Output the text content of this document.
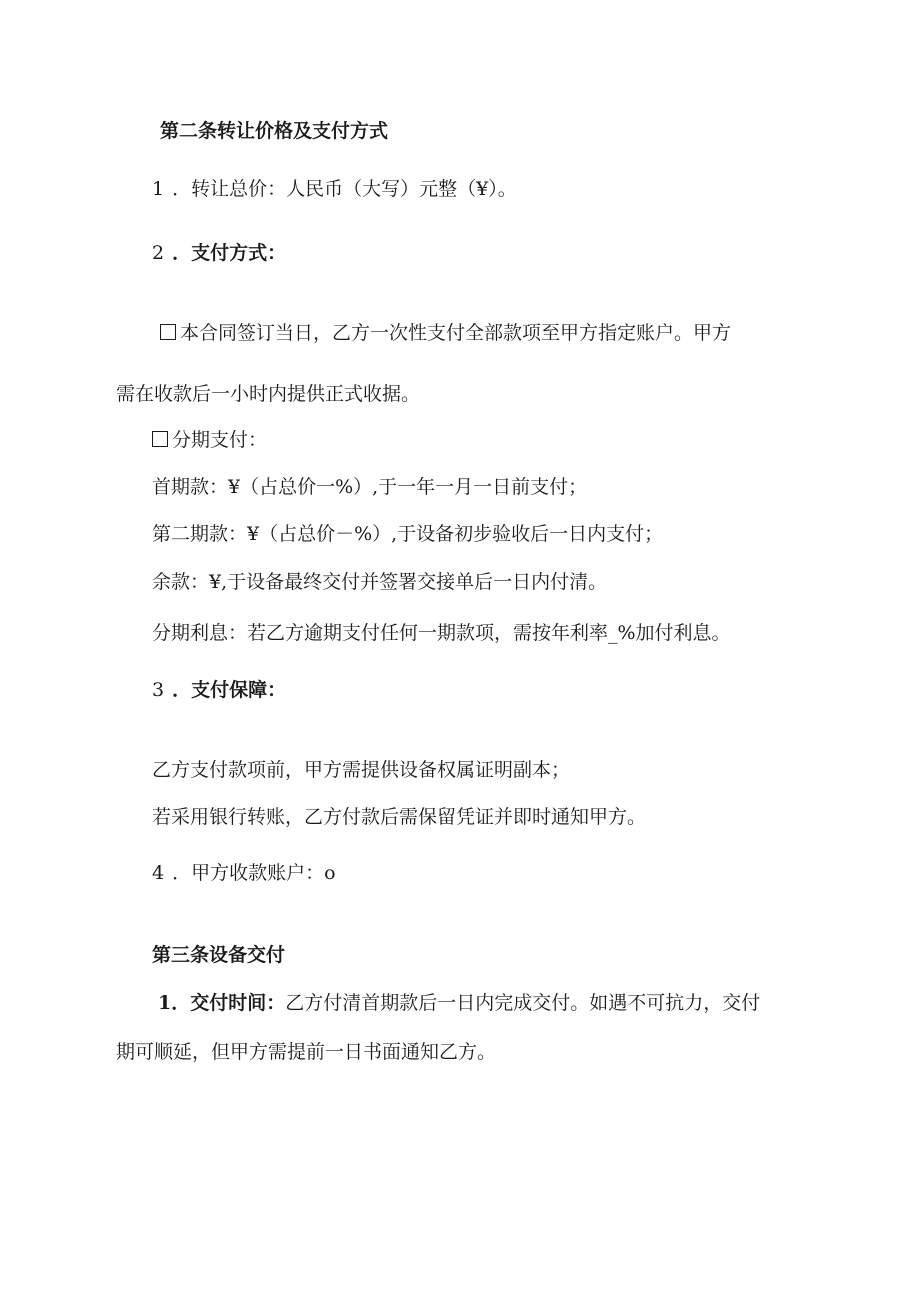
第二条转让价格及支付方式
1 ．转让总价：人民币（大写）元整（¥）。
2 ．支付方式：
本合同签订当日，乙方一次性支付全部款项至甲方指定账户。甲方
需在收款后一小时内提供正式收据。
分期支付：
首期款：¥（占总价一%）,于一年一月一日前支付；
第二期款：¥（占总价－%）,于设备初步验收后一日内支付；
余款：¥,于设备最终交付并签署交接单后一日内付清。
分期利息：若乙方逾期支付任何一期款项，需按年利率_%加付利息。
3 ．支付保障：
乙方支付款项前，甲方需提供设备权属证明副本；
若采用银行转账，乙方付款后需保留凭证并即时通知甲方。
4 ．甲方收款账户：o
第三条设备交付
1．交付时间：乙方付清首期款后一日内完成交付。如遇不可抗力，交付
期可顺延，但甲方需提前一日书面通知乙方。
